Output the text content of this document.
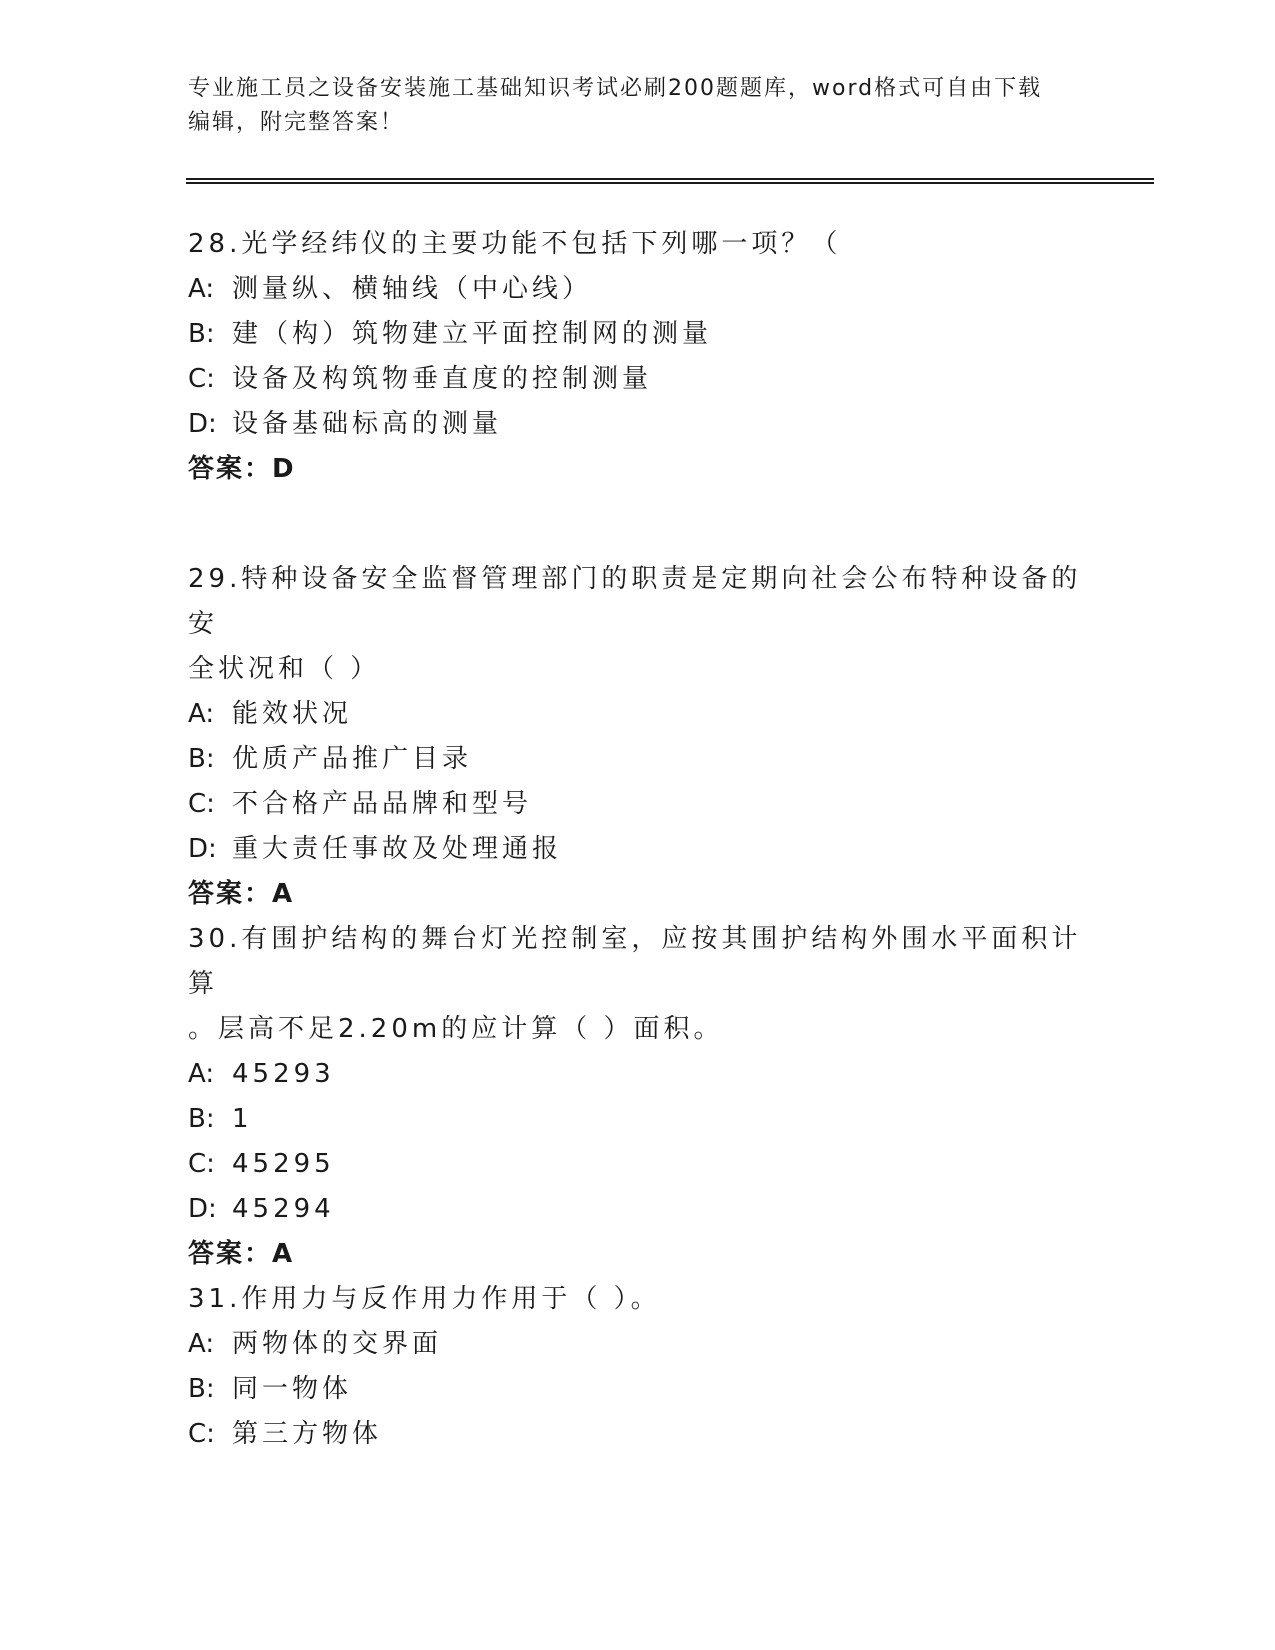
专业施工员之设备安装施工基础知识考试必刷200题题库，word格式可自由下载
编辑，附完整答案！

28.光学经纬仪的主要功能不包括下列哪一项？（

A: 测量纵、横轴线（中心线）

B: 建（构）筑物建立平面控制网的测量

C: 设备及构筑物垂直度的控制测量

D: 设备基础标高的测量

答案：D

29.特种设备安全监督管理部门的职责是定期向社会公布特种设备的安

全状况和（ ）

A: 能效状况

B: 优质产品推广目录

C: 不合格产品品牌和型号

D: 重大责任事故及处理通报

答案：A

30.有围护结构的舞台灯光控制室，应按其围护结构外围水平面积计算

。层高不足2.20m的应计算（ ）面积。

A: 45293

B: 1

C: 45295

D: 45294

答案：A

31.作用力与反作用力作用于（ ）。

A: 两物体的交界面

B: 同一物体

C: 第三方物体
